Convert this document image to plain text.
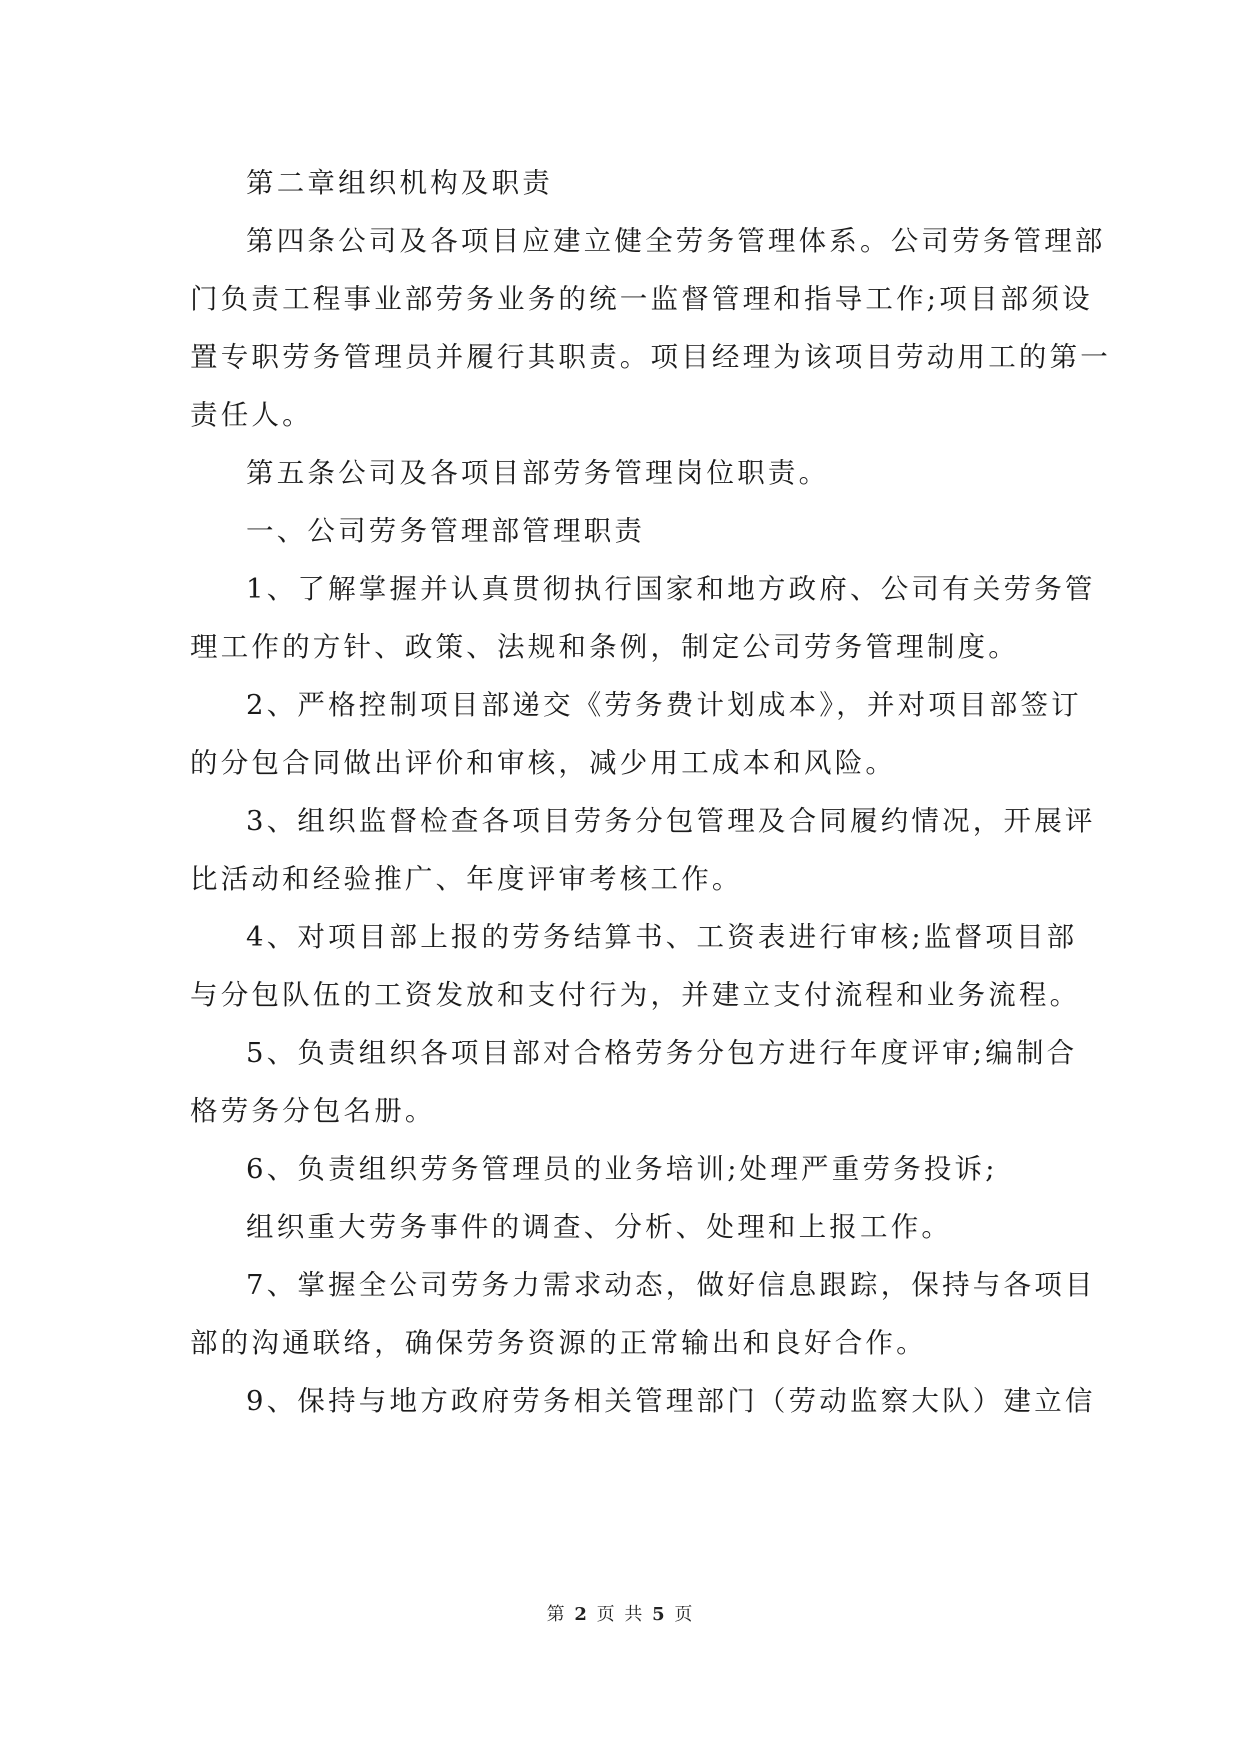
第二章组织机构及职责
第四条公司及各项目应建立健全劳务管理体系。公司劳务管理部
门负责工程事业部劳务业务的统一监督管理和指导工作;项目部须设
置专职劳务管理员并履行其职责。项目经理为该项目劳动用工的第一
责任人。
第五条公司及各项目部劳务管理岗位职责。
一、公司劳务管理部管理职责
1、了解掌握并认真贯彻执行国家和地方政府、公司有关劳务管
理工作的方针、政策、法规和条例，制定公司劳务管理制度。
2、严格控制项目部递交《劳务费计划成本》，并对项目部签订
的分包合同做出评价和审核，减少用工成本和风险。
3、组织监督检查各项目劳务分包管理及合同履约情况，开展评
比活动和经验推广、年度评审考核工作。
4、对项目部上报的劳务结算书、工资表进行审核;监督项目部
与分包队伍的工资发放和支付行为，并建立支付流程和业务流程。
5、负责组织各项目部对合格劳务分包方进行年度评审;编制合
格劳务分包名册。
6、负责组织劳务管理员的业务培训;处理严重劳务投诉;
组织重大劳务事件的调查、分析、处理和上报工作。
7、掌握全公司劳务力需求动态，做好信息跟踪，保持与各项目
部的沟通联络，确保劳务资源的正常输出和良好合作。
9、保持与地方政府劳务相关管理部门（劳动监察大队）建立信
第 2 页 共 5 页
